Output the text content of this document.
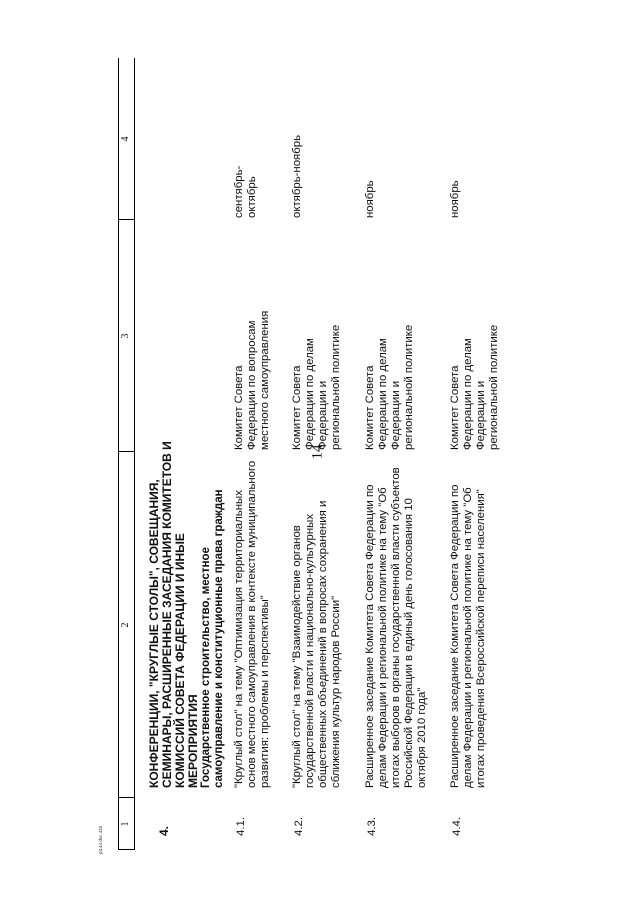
14
1
2
3
4
4.
КОНФЕРЕНЦИИ, "КРУГЛЫЕ СТОЛЫ", СОВЕЩАНИЯ, СЕМИНАРЫ, РАСШИРЕННЫЕ ЗАСЕДАНИЯ КОМИТЕТОВ И КОМИССИЙ СОВЕТА ФЕДЕРАЦИИ И ИНЫЕ МЕРОПРИЯТИЯ Государственное строительство, местное самоуправление и конституционные права граждан
4.1.
"Круглый стол" на тему "Оптимизация территориальных основ местного самоуправления в контексте муниципального развития: проблемы и перспективы"
Комитет Совета Федерации по вопросам местного самоуправления
сентябрь-октябрь
4.2.
"Круглый стол" на тему "Взаимодействие органов государственной власти и национально-культурных общественных объединений в вопросах сохранения и сближения культур народов России"
Комитет Совета Федерации по делам Федерации и региональной политике
октябрь-ноябрь
4.3.
Расширенное заседание Комитета Совета Федерации по делам Федерации и региональной политике на тему "Об итогах выборов в органы государственной власти субъектов Российской Федерации в единый день голосования 10 октября 2010 года"
Комитет Совета Федерации по делам Федерации и региональной политике
ноябрь
4.4.
Расширенное заседание Комитета Совета Федерации по делам Федерации и региональной политике на тему "Об итогах проведения Всероссийской переписи населения"
Комитет Совета Федерации по делам Федерации и региональной политике
ноябрь
pi144 doc 445
